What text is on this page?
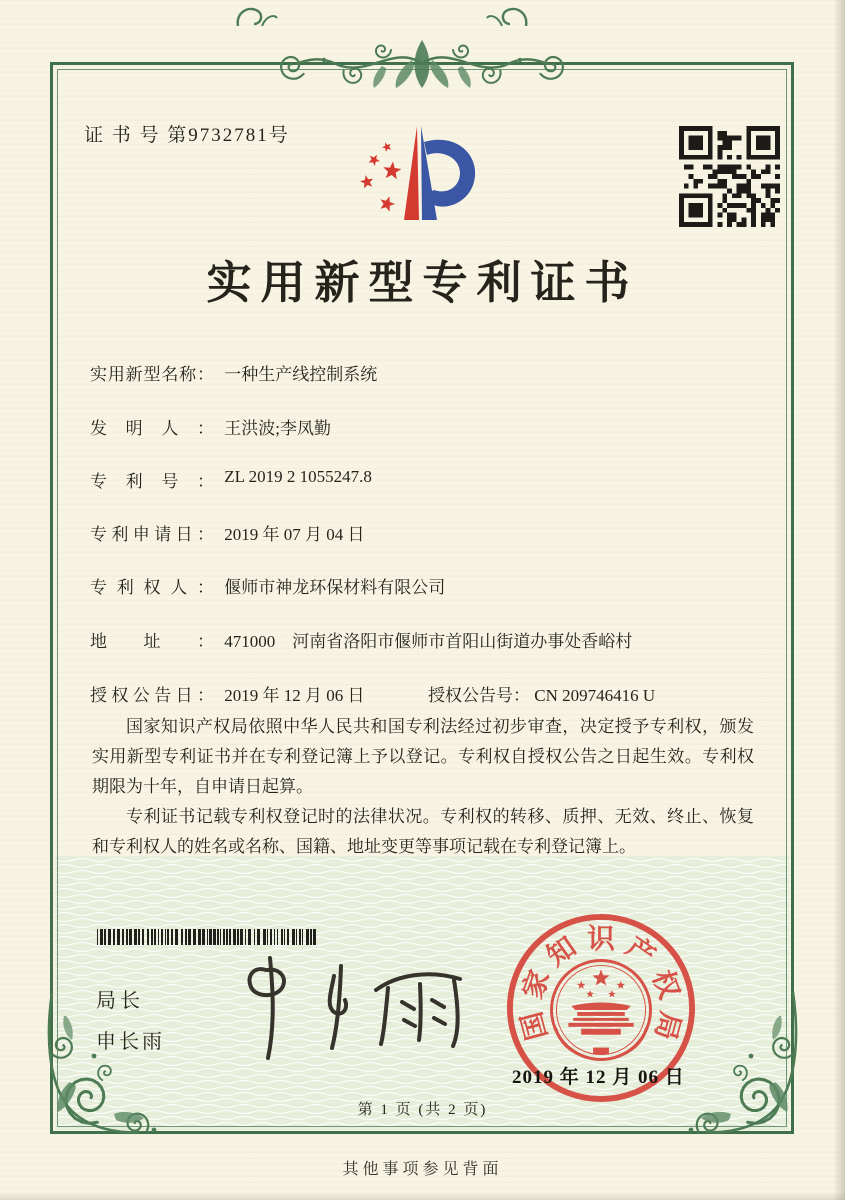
证 书 号 第9732781号
实用新型专利证书
实用新型名称： 一种生产线控制系统
发明人： 王洪波;李凤勤
专利号： ZL 2019 2 1055247.8
专利申请日： 2019 年 07 月 04 日
专利权人： 偃师市神龙环保材料有限公司
地址： 471000　河南省洛阳市偃师市首阳山街道办事处香峪村
授权公告日： 2019 年 12 月 06 日	授权公告号： CN 209746416 U

国家知识产权局依照中华人民共和国专利法经过初步审查，决定授予专利权，颁发实用新型专利证书并在专利登记簿上予以登记。专利权自授权公告之日起生效。专利权期限为十年，自申请日起算。

专利证书记载专利权登记时的法律状况。专利权的转移、质押、无效、终止、恢复和专利权人的姓名或名称、国籍、地址变更等事项记载在专利登记簿上。

局长
申长雨	国
家
知 识 产
权
局
2019 年 12 月 06 日
第 1 页 (共 2 页)
其他事项参见背面
